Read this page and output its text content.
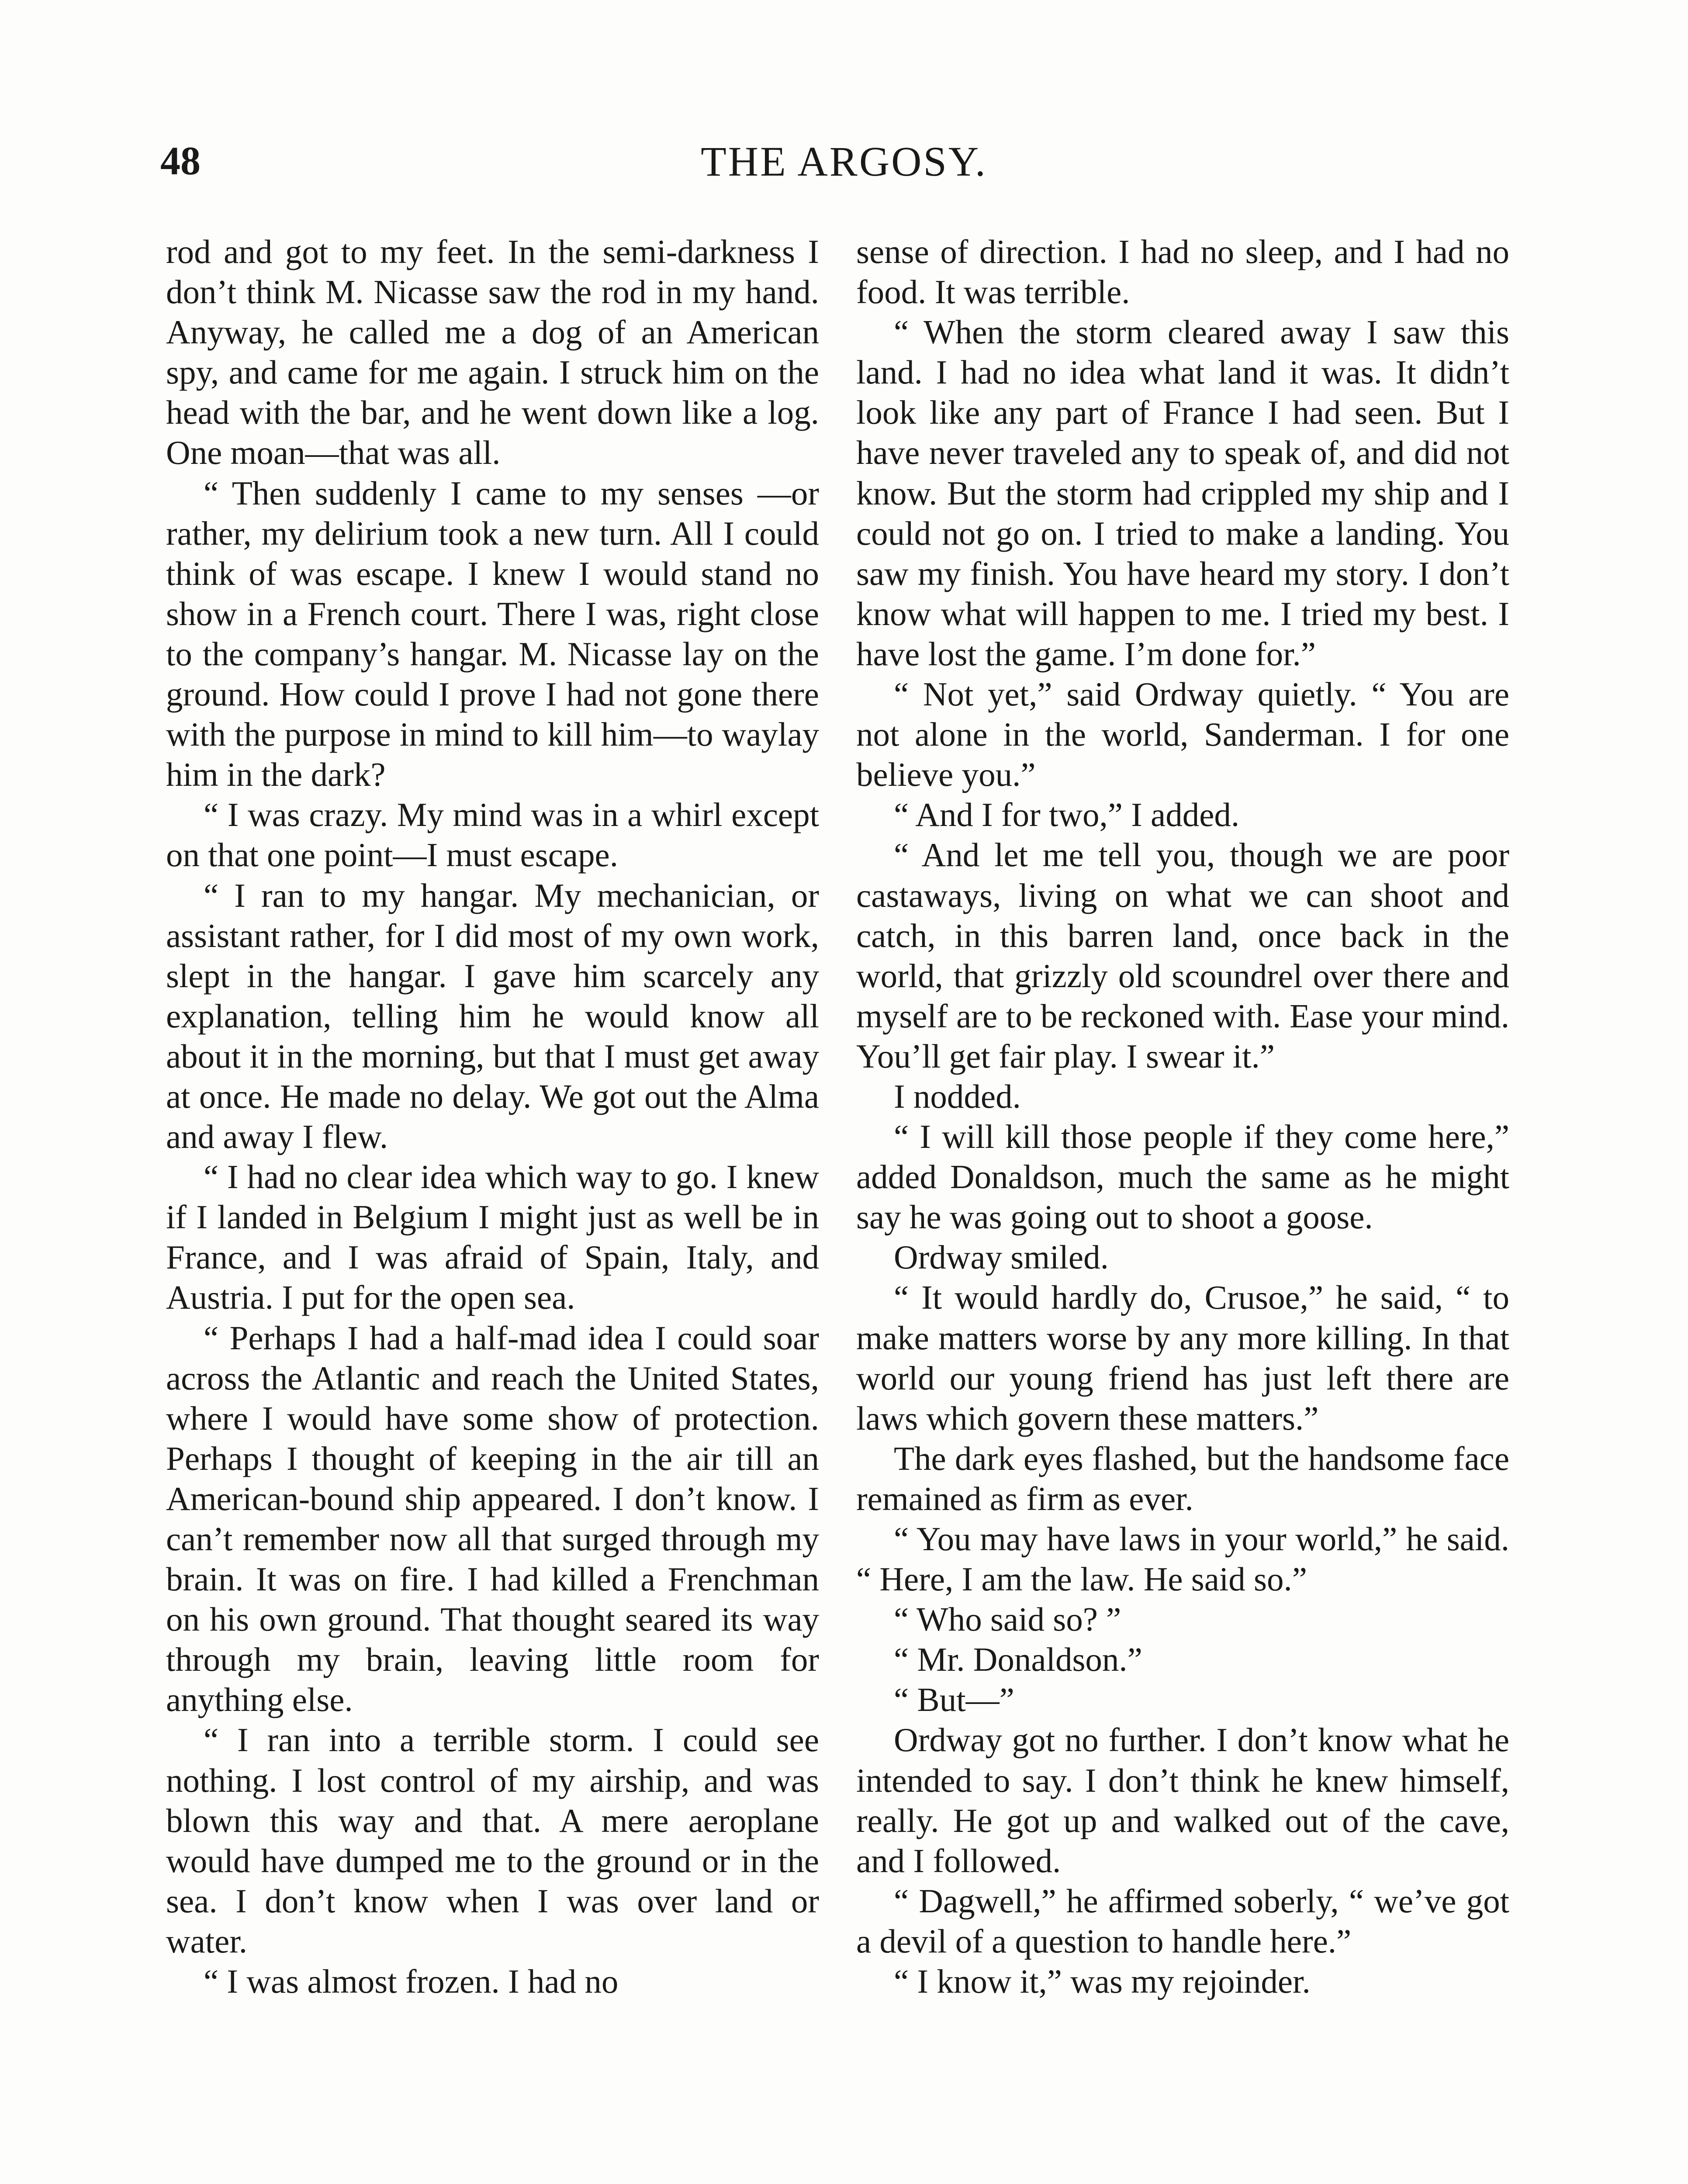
48	THE ARGOSY.

rod and got to my feet. In the semi-darkness I don’t think M. Nicasse saw the rod in my hand. Anyway, he called me a dog of an American spy, and came for me again. I struck him on the head with the bar, and he went down like a log. One moan—that was all.

“ Then suddenly I came to my senses —or rather, my delirium took a new turn. All I could think of was escape. I knew I would stand no show in a French court. There I was, right close to the company’s hangar. M. Nicasse lay on the ground. How could I prove I had not gone there with the purpose in mind to kill him—to waylay him in the dark?

“ I was crazy. My mind was in a whirl except on that one point—I must escape.

“ I ran to my hangar. My mechanician, or assistant rather, for I did most of my own work, slept in the hangar. I gave him scarcely any explanation, telling him he would know all about it in the morning, but that I must get away at once. He made no delay. We got out the Alma and away I flew.

“ I had no clear idea which way to go. I knew if I landed in Belgium I might just as well be in France, and I was afraid of Spain, Italy, and Austria. I put for the open sea.

“ Perhaps I had a half-mad idea I could soar across the Atlantic and reach the United States, where I would have some show of protection. Perhaps I thought of keeping in the air till an American-bound ship appeared. I don’t know. I can’t remember now all that surged through my brain. It was on fire. I had killed a Frenchman on his own ground. That thought seared its way through my brain, leaving little room for anything else.

“ I ran into a terrible storm. I could see nothing. I lost control of my airship, and was blown this way and that. A mere aeroplane would have dumped me to the ground or in the sea. I don’t know when I was over land or water.

“ I was almost frozen. I had no

sense of direction. I had no sleep, and I had no food. It was terrible.

“ When the storm cleared away I saw this land. I had no idea what land it was. It didn’t look like any part of France I had seen. But I have never traveled any to speak of, and did not know. But the storm had crippled my ship and I could not go on. I tried to make a landing. You saw my finish. You have heard my story. I don’t know what will happen to me. I tried my best. I have lost the game. I’m done for.”

“ Not yet,” said Ordway quietly. “ You are not alone in the world, Sanderman. I for one believe you.”

“ And I for two,” I added.

“ And let me tell you, though we are poor castaways, living on what we can shoot and catch, in this barren land, once back in the world, that grizzly old scoundrel over there and myself are to be reckoned with. Ease your mind. You’ll get fair play. I swear it.”

I nodded.

“ I will kill those people if they come here,” added Donaldson, much the same as he might say he was going out to shoot a goose.

Ordway smiled.

“ It would hardly do, Crusoe,” he said, “ to make matters worse by any more killing. In that world our young friend has just left there are laws which govern these matters.”

The dark eyes flashed, but the handsome face remained as firm as ever.

“ You may have laws in your world,” he said. “ Here, I am the law. He said so.”

“ Who said so? ”

“ Mr. Donaldson.”

“ But—”

Ordway got no further. I don’t know what he intended to say. I don’t think he knew himself, really. He got up and walked out of the cave, and I followed.

“ Dagwell,” he affirmed soberly, “ we’ve got a devil of a question to handle here.”

“ I know it,” was my rejoinder.
